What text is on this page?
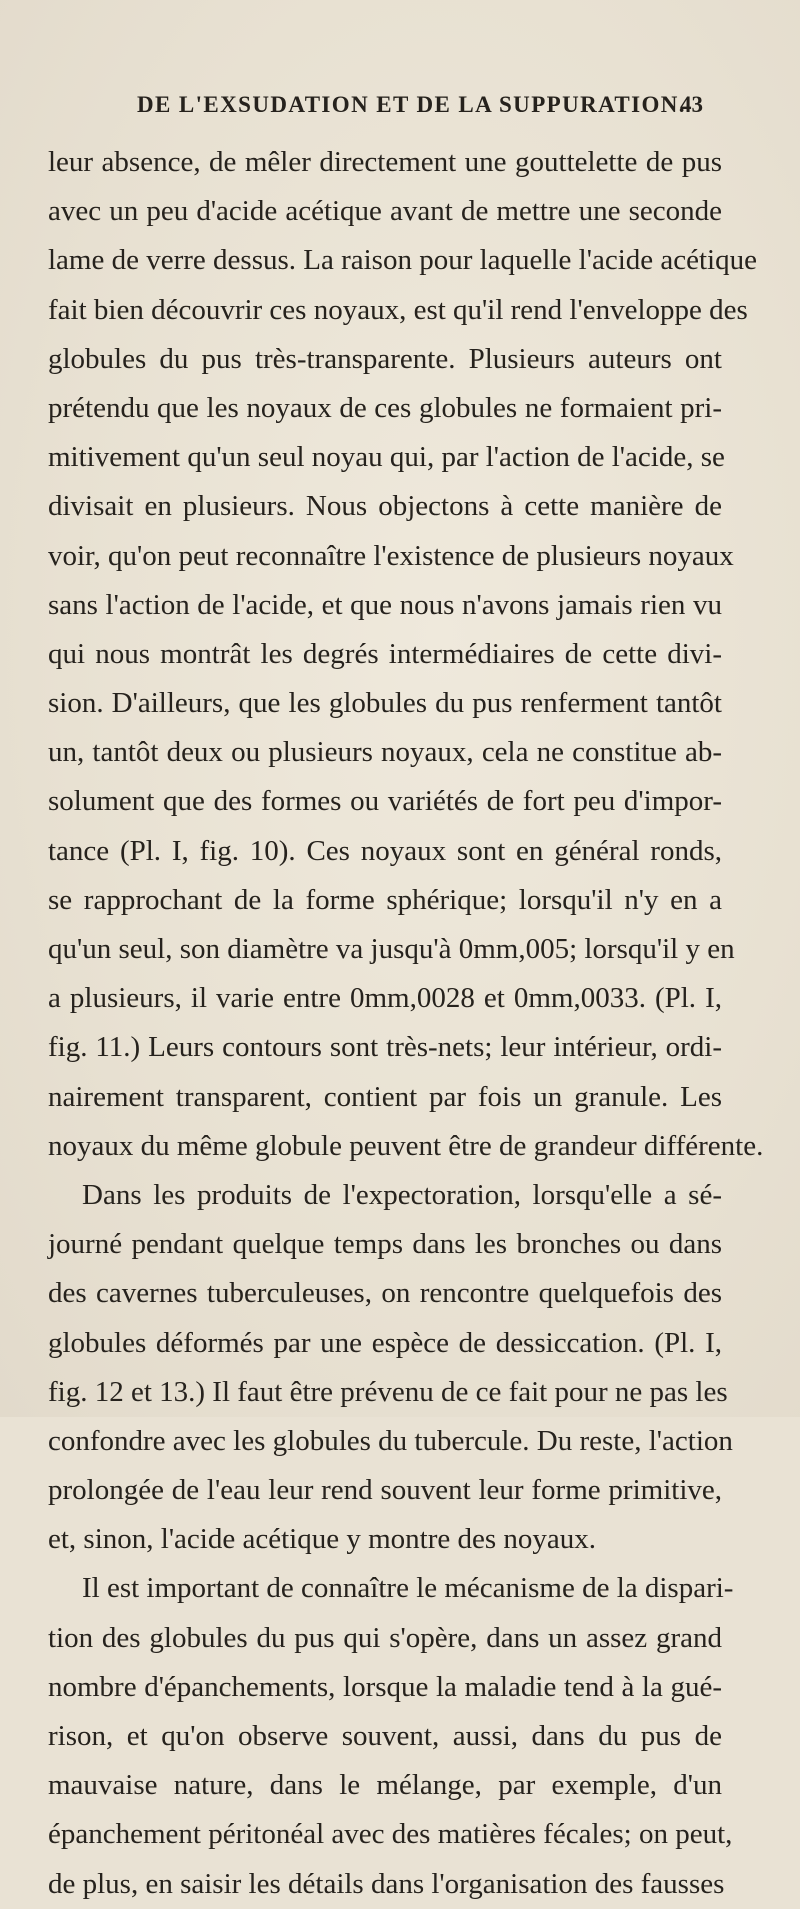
DE L'EXSUDATION ET DE LA SUPPURATION.
43
leur absence, de mêler directement une gouttelette de pus
avec un peu d'acide acétique avant de mettre une seconde
lame de verre dessus. La raison pour laquelle l'acide acétique
fait bien découvrir ces noyaux, est qu'il rend l'enveloppe des
globules du pus très-transparente. Plusieurs auteurs ont
prétendu que les noyaux de ces globules ne formaient pri-
mitivement qu'un seul noyau qui, par l'action de l'acide, se
divisait en plusieurs. Nous objectons à cette manière de
voir, qu'on peut reconnaître l'existence de plusieurs noyaux
sans l'action de l'acide, et que nous n'avons jamais rien vu
qui nous montrât les degrés intermédiaires de cette divi-
sion. D'ailleurs, que les globules du pus renferment tantôt
un, tantôt deux ou plusieurs noyaux, cela ne constitue ab-
solument que des formes ou variétés de fort peu d'impor-
tance (Pl. I, fig. 10). Ces noyaux sont en général ronds,
se rapprochant de la forme sphérique; lorsqu'il n'y en a
qu'un seul, son diamètre va jusqu'à 0mm,005; lorsqu'il y en
a plusieurs, il varie entre 0mm,0028 et 0mm,0033. (Pl. I,
fig. 11.) Leurs contours sont très-nets; leur intérieur, ordi-
nairement transparent, contient par fois un granule. Les
noyaux du même globule peuvent être de grandeur différente.
Dans les produits de l'expectoration, lorsqu'elle a sé-
journé pendant quelque temps dans les bronches ou dans
des cavernes tuberculeuses, on rencontre quelquefois des
globules déformés par une espèce de dessiccation. (Pl. I,
fig. 12 et 13.) Il faut être prévenu de ce fait pour ne pas les
confondre avec les globules du tubercule. Du reste, l'action
prolongée de l'eau leur rend souvent leur forme primitive,
et, sinon, l'acide acétique y montre des noyaux.
Il est important de connaître le mécanisme de la dispari-
tion des globules du pus qui s'opère, dans un assez grand
nombre d'épanchements, lorsque la maladie tend à la gué-
rison, et qu'on observe souvent, aussi, dans du pus de
mauvaise nature, dans le mélange, par exemple, d'un
épanchement péritonéal avec des matières fécales; on peut,
de plus, en saisir les détails dans l'organisation des fausses
